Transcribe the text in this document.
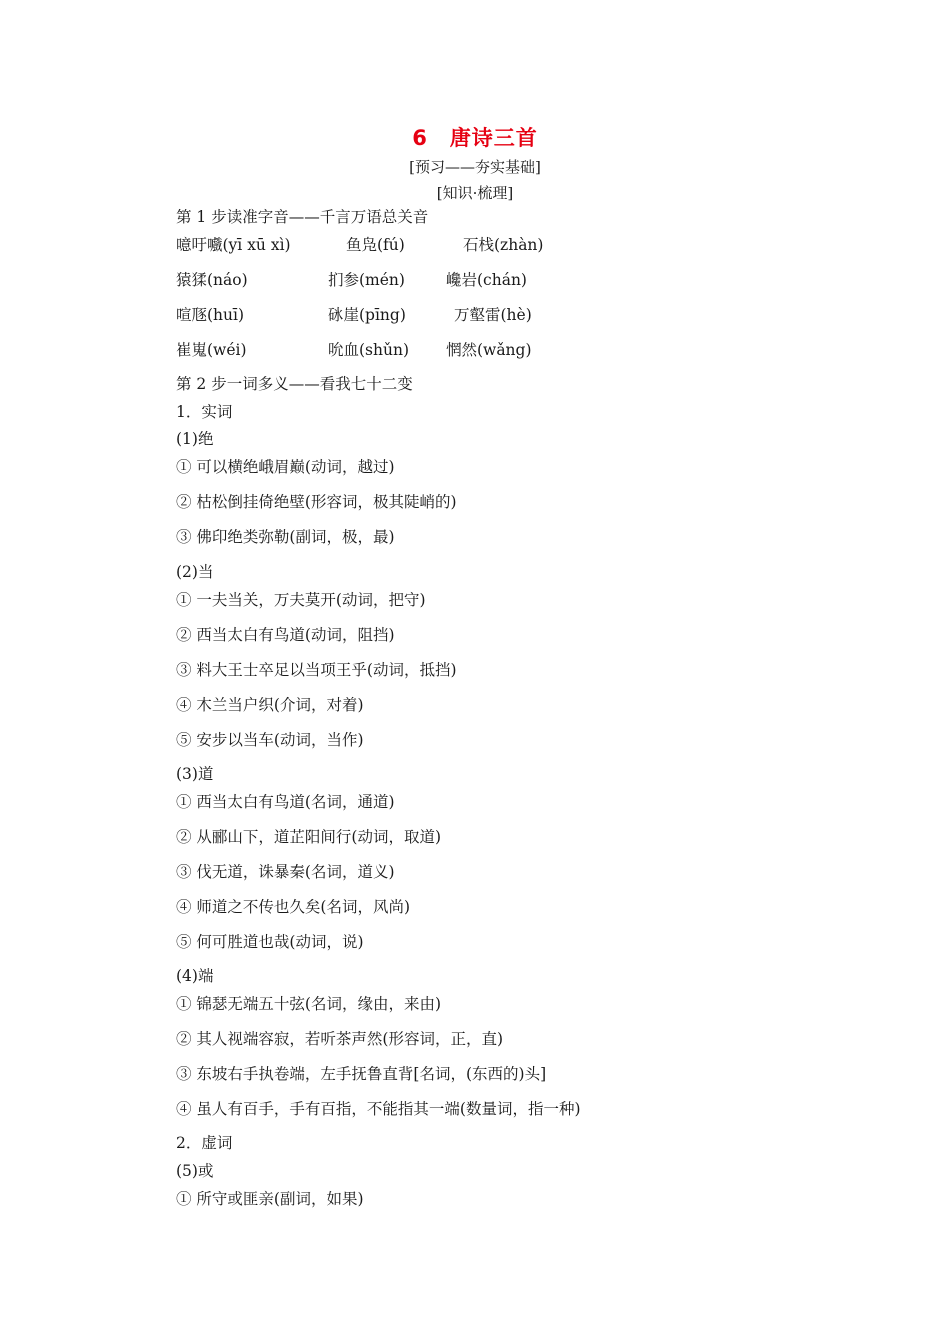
6 唐诗三首
[预习——夯实基础]
[知识·梳理]
第 1 步读准字音——千言万语总关音
噫吁嚱(yī xū xì)	鱼凫(fú)	石栈(zhàn)
猿猱(náo)	扪参(mén)	巉岩(chán)
喧豗(huī)	砯崖(pīng)	万壑雷(hè)
崔嵬(wéi)	吮血(shǔn) 惘然(wǎng)
第 2 步一词多义——看我七十二变
1．实词
(1)绝
① 可以横绝峨眉巅(动词，越过)
② 枯松倒挂倚绝壁(形容词，极其陡峭的)
③ 佛印绝类弥勒(副词，极，最)
(2)当
① 一夫当关，万夫莫开(动词，把守)
② 西当太白有鸟道(动词，阻挡)
③ 料大王士卒足以当项王乎(动词，抵挡)
④ 木兰当户织(介词，对着)
⑤ 安步以当车(动词，当作)
(3)道
① 西当太白有鸟道(名词，通道)
② 从郦山下，道芷阳间行(动词，取道)
③ 伐无道，诛暴秦(名词，道义)
④ 师道之不传也久矣(名词，风尚)
⑤ 何可胜道也哉(动词，说)
(4)端
① 锦瑟无端五十弦(名词，缘由，来由)
② 其人视端容寂，若听茶声然(形容词，正，直)
③ 东坡右手执卷端，左手抚鲁直背[名词，(东西的)头]
④ 虽人有百手，手有百指，不能指其一端(数量词，指一种)
2．虚词
(5)或
① 所守或匪亲(副词，如果)
